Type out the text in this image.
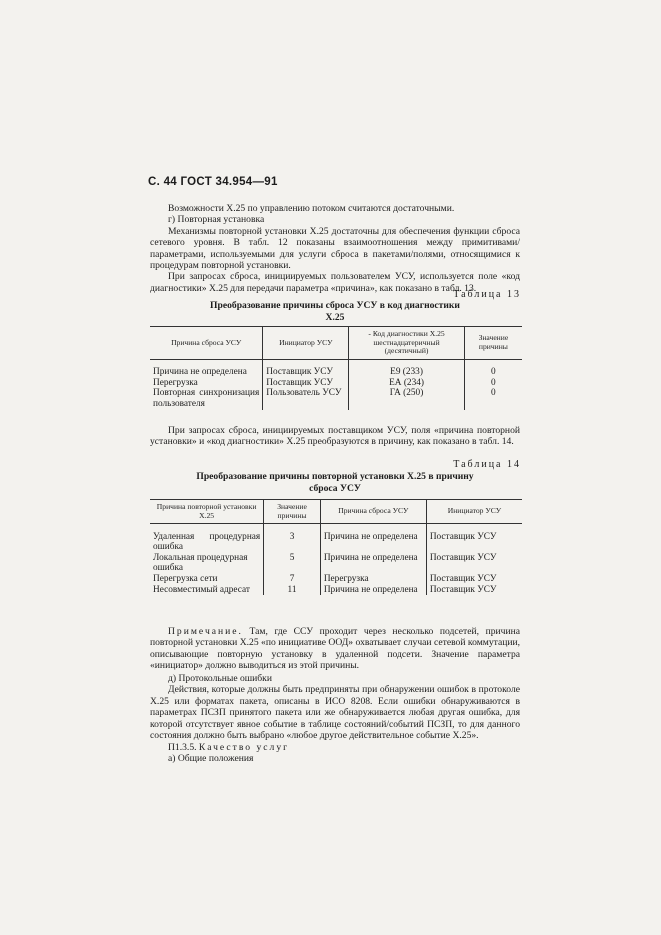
С. 44 ГОСТ 34.954—91

Возможности Х.25 по управлению потоком считаются достаточными.

г) Повторная установка

Механизмы повторной установки Х.25 достаточны для обеспечения функции сброса сетевого уровня. В табл. 12 показаны взаимоотношения между примитивами/параметрами, используемыми для услуги сброса в пакетами/полями, относящимися к процедурам повторной установки.

При запросах сброса, инициируемых пользователем УСУ, используется поле «код диагностики» Х.25 для передачи параметра «причина», как показано в табл. 13.

Таблица 13
Преобразование причины сброса УСУ в код диагностики
Х.25
Причина сброса УСУ	Инициатор УСУ	- Код диагностики Х.25 шестнадцатеричный (десятичный)	Значение причины

Причина не определена	Поставщик УСУ	Е9 (233)	0
Перегрузка	Поставщик УСУ	ЕА (234)	0
Повторная синхронизация пользователя	Пользователь УСУ	ГА (250)	0

При запросах сброса, инициируемых поставщиком УСУ, поля «причина повторной установки» и «код диагностики» Х.25 преобразуются в причину, как показано в табл. 14.

Таблица 14
Преобразование причины повторной установки Х.25 в причину
сброса УСУ
Причина повторной установки Х.25	Значение причины	Причина сброса УСУ	Инициатор УСУ

Удаленная процедурная ошибка	3	Причина не определена	Поставщик УСУ
Локальная процедурная ошибка	5	Причина не определена	Поставщик УСУ
Перегрузка сети	7	Перегрузка	Поставщик УСУ
Несовместимый адресат	11	Причина не определена	Поставщик УСУ

Примечание. Там, где ССУ проходит через несколько подсетей, причина повторной установки Х.25 «по инициативе ООД» охватывает случаи сетевой коммутации, описывающие повторную установку в удаленной подсети. Значение параметра «инициатор» должно выводиться из этой причины.

д) Протокольные ошибки

Действия, которые должны быть предприняты при обнаружении ошибок в протоколе Х.25 или форматах пакета, описаны в ИСО 8208. Если ошибки обнаруживаются в параметрах ПСЗП принятого пакета или же обнаруживается любая другая ошибка, для которой отсутствует явное событие в таблице состояний/событий ПСЗП, то для данного состояния должно быть выбрано «любое другое действительное событие Х.25».

П1.3.5. Качество услуг

а) Общие положения
